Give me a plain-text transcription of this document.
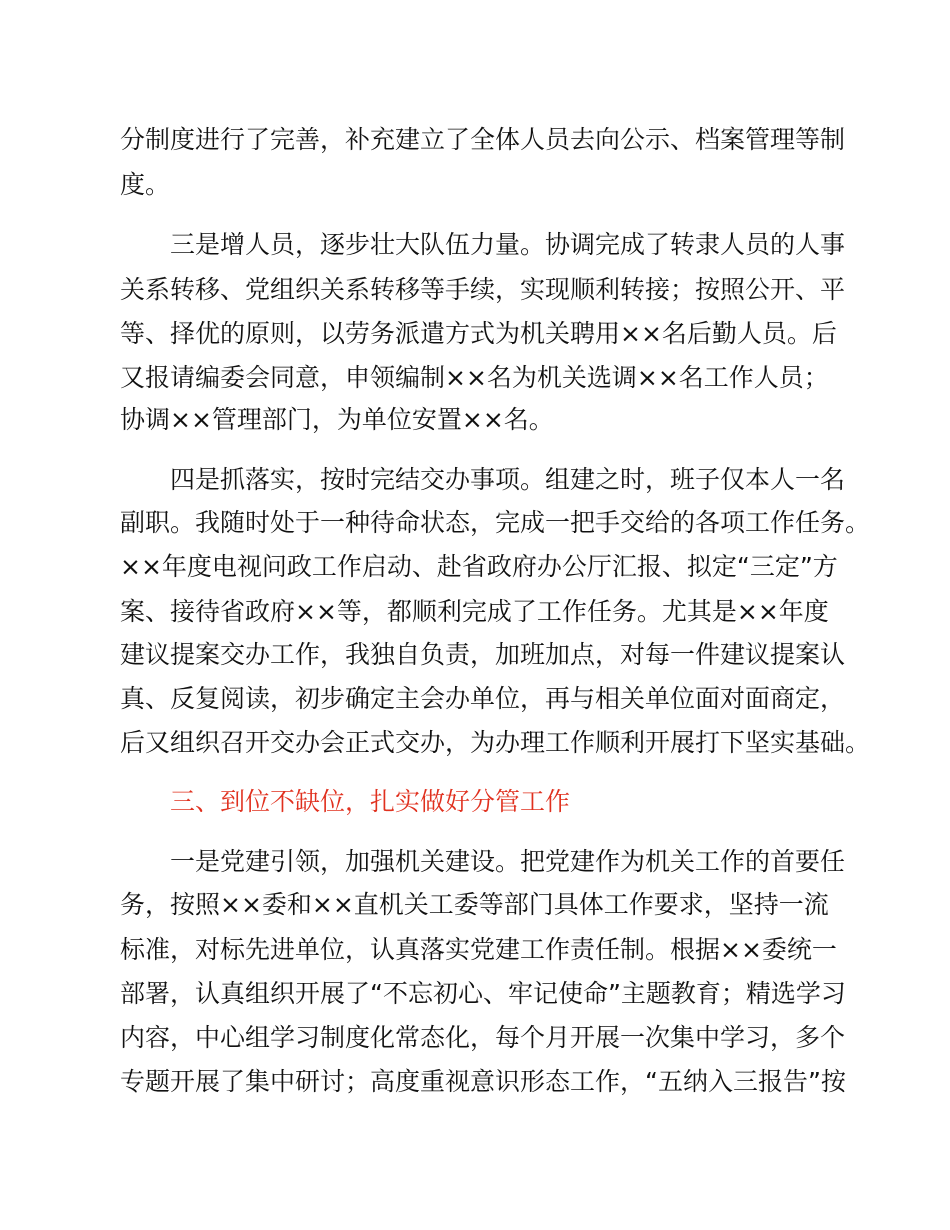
分制度进行了完善，补充建立了全体人员去向公示、档案管理等制
度。
三是增人员，逐步壮大队伍力量。协调完成了转隶人员的人事
关系转移、党组织关系转移等手续，实现顺利转接；按照公开、平
等、择优的原则，以劳务派遣方式为机关聘用××名后勤人员。后
又报请编委会同意，申领编制××名为机关选调××名工作人员；
协调××管理部门，为单位安置××名。
四是抓落实，按时完结交办事项。组建之时，班子仅本人一名
副职。我随时处于一种待命状态，完成一把手交给的各项工作任务。
××年度电视问政工作启动、赴省政府办公厅汇报、拟定“三定”方
案、接待省政府××等，都顺利完成了工作任务。尤其是××年度
建议提案交办工作，我独自负责，加班加点，对每一件建议提案认
真、反复阅读，初步确定主会办单位，再与相关单位面对面商定，
后又组织召开交办会正式交办，为办理工作顺利开展打下坚实基础。
三、到位不缺位，扎实做好分管工作
一是党建引领，加强机关建设。把党建作为机关工作的首要任
务，按照××委和××直机关工委等部门具体工作要求，坚持一流
标准，对标先进单位，认真落实党建工作责任制。根据××委统一
部署，认真组织开展了“不忘初心、牢记使命”主题教育；精选学习
内容，中心组学习制度化常态化，每个月开展一次集中学习，多个
专题开展了集中研讨；高度重视意识形态工作，“五纳入三报告”按
